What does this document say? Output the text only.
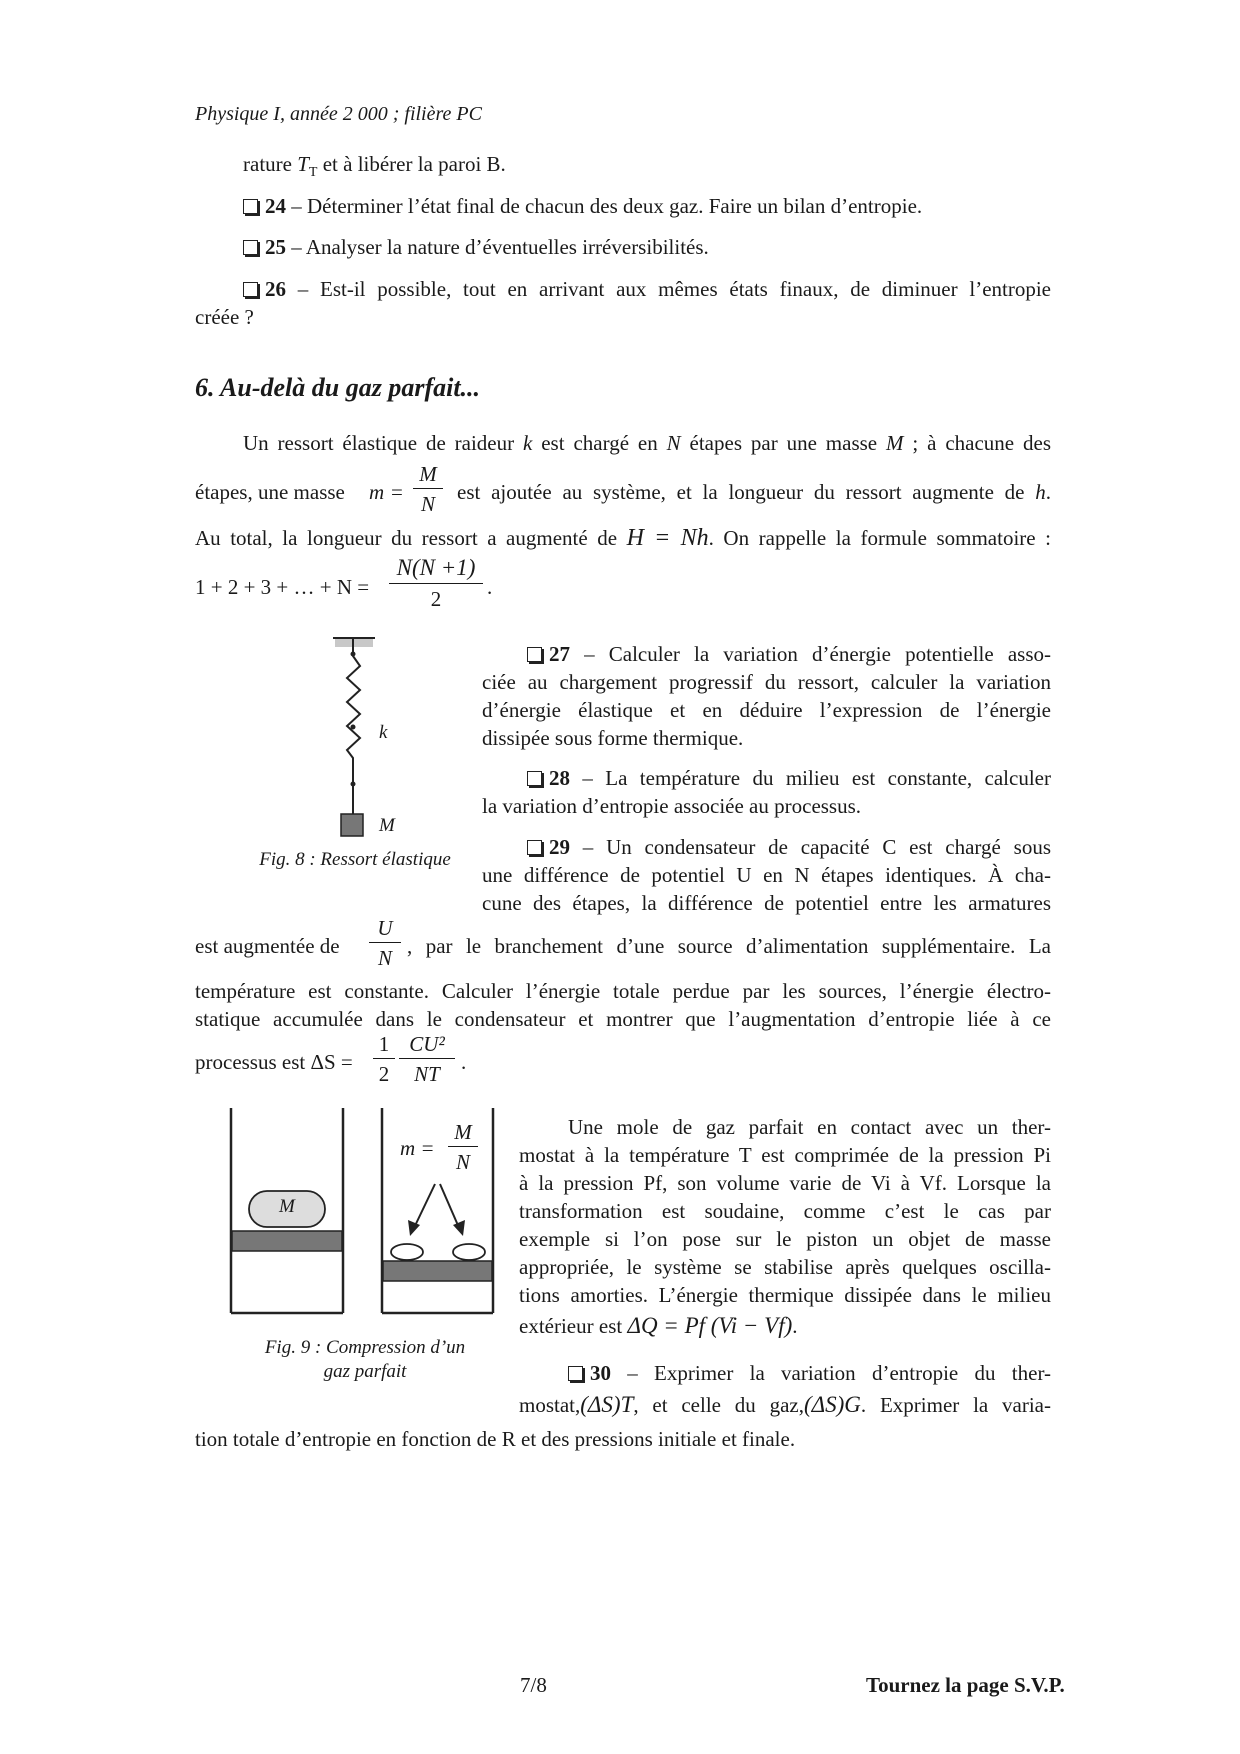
Physique I, année 2 000 ; filière PC
rature $T_T$ et à libérer la paroi B.
24 – Déterminer l’état final de chacun des deux gaz. Faire un bilan d’entropie.
25 – Analyser la nature d’éventuelles irréversibilités.
26 – Est-il possible, tout en arrivant aux mêmes états finaux, de diminuer l’entropie
créée ?
6. Au-delà du gaz parfait...
Un ressort élastique de raideur k est chargé en N étapes par une masse M ; à chacune des
étapes, une masse m =
M
N	est ajoutée au système, et la longueur du ressort augmente de h.
Au total, la longueur du ressort a augmenté de H = Nh. On rappelle la formule sommatoire :
1 + 2 + 3 + … + N =
N(N +1)
2	.
k
M
Fig. 8 : Ressort élastique
27 – Calculer la variation d’énergie potentielle asso-
ciée au chargement progressif du ressort, calculer la variation
d’énergie élastique et en déduire l’expression de l’énergie
dissipée sous forme thermique.
28 – La température du milieu est constante, calculer
la variation d’entropie associée au processus.
29 – Un condensateur de capacité C est chargé sous
une différence de potentiel U en N étapes identiques. À cha-
cune des étapes, la différence de potentiel entre les armatures
est augmentée de
U
N , par le branchement d’une source d’alimentation supplémentaire. La
température est constante. Calculer l’énergie totale perdue par les sources, l’énergie électro-
statique accumulée dans le condensateur et montrer que l’augmentation d’entropie liée à ce
processus est ΔS =
1
2
CU²
NT	.
M
m =
M
N
Fig. 9 : Compression d’un
gaz parfait
Une mole de gaz parfait en contact avec un ther-
mostat à la température T est comprimée de la pression Pi
à la pression Pf, son volume varie de Vi à Vf. Lorsque la
transformation est soudaine, comme c’est le cas par
exemple si l’on pose sur le piston un objet de masse
appropriée, le système se stabilise après quelques oscilla-
tions amorties. L’énergie thermique dissipée dans le milieu
extérieur est ΔQ = Pf (Vi − Vf).
30 – Exprimer la variation d’entropie du ther-
mostat,(ΔS)T, et celle du gaz,(ΔS)G. Exprimer la varia-
tion totale d’entropie en fonction de R et des pressions initiale et finale.
7/8	Tournez la page S.V.P.
